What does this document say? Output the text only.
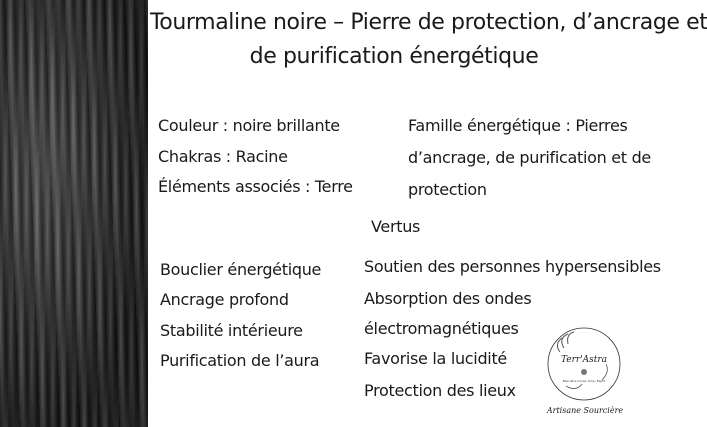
Tourmaline noire – Pierre de protection, d’ancrage et
de purification énergétique
Couleur : noire brillante
Chakras : Racine
Éléments associés : Terre
Famille énergétique : Pierres
d’ancrage, de purification et de
protection
Vertus
Bouclier énergétique
Ancrage profond
Stabilité intérieure
Purification de l’aura
Soutien des personnes hypersensibles
Absorption des ondes
électromagnétiques
Favorise la lucidité
Protection des lieux
Terr'Astra
Bien-être Corps, Âme, Esprit
Artisane Sourcière
